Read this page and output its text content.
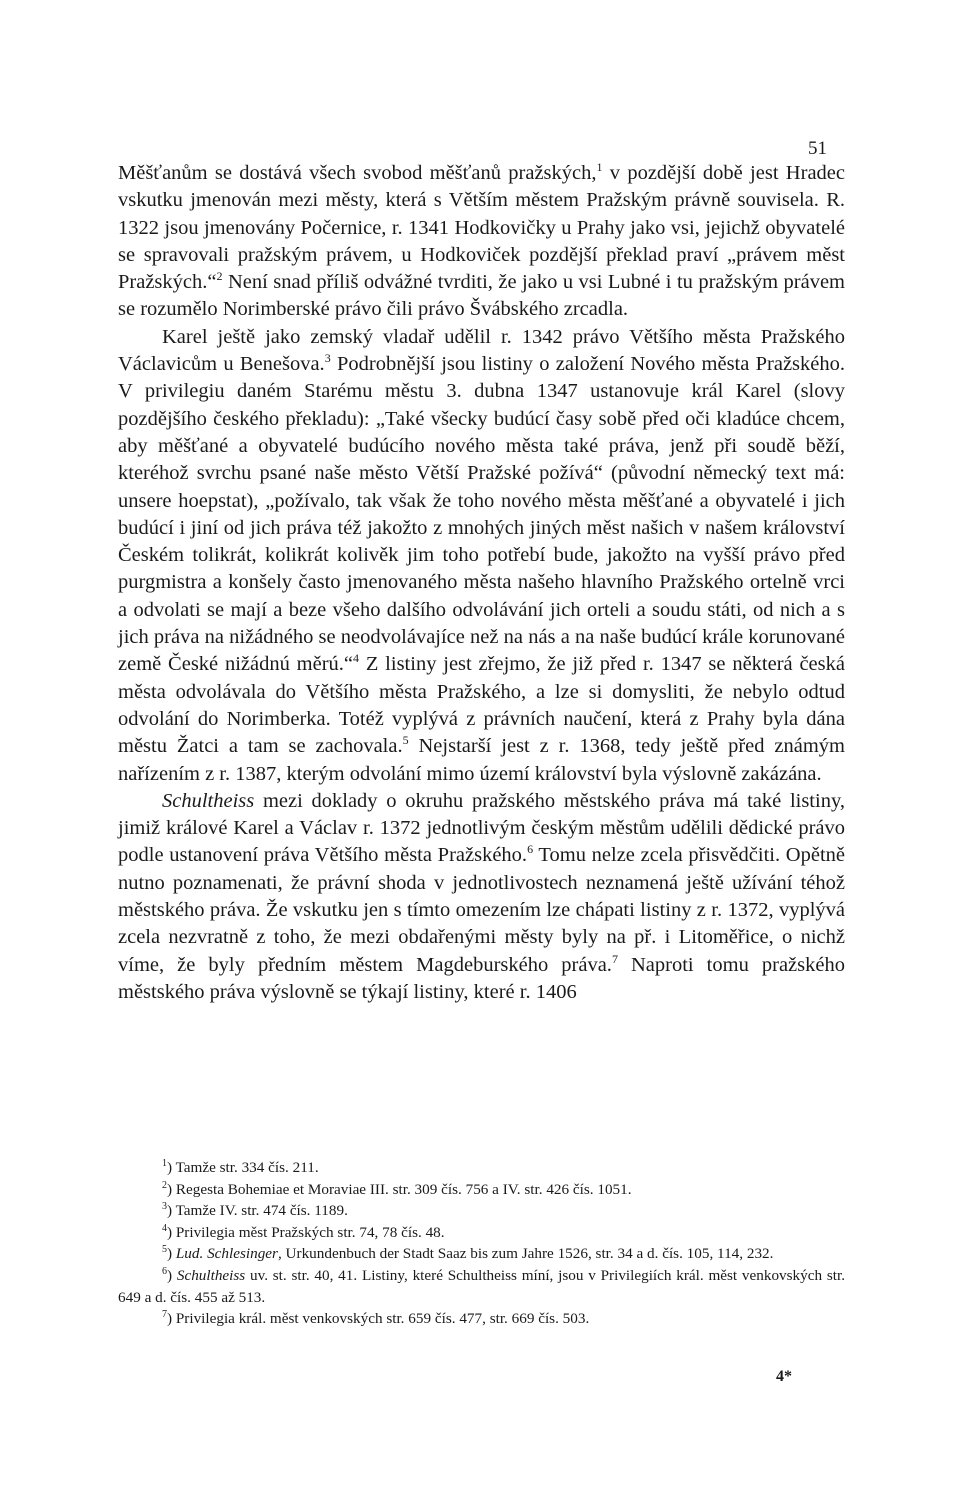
51

Měšťanům se dostává všech svobod měšťanů pražských,$^1$ v pozdější době jest Hradec vskutku jmenován mezi městy, která s Větším městem Pražským právně souvisela. R. 1322 jsou jmenovány Počernice, r. 1341 Hodkovičky u Prahy jako vsi, jejichž obyvatelé se spravovali pražským právem, u Hodkoviček pozdější překlad praví „právem měst Pražských.“$^2$ Není snad příliš odvážné tvrditi, že jako u vsi Lubné i tu pražským právem se rozumělo Norimberské právo čili právo Švábského zrcadla.

Karel ještě jako zemský vladař udělil r. 1342 právo Většího města Pražského Václavicům u Benešova.$^3$ Podrobnější jsou listiny o založení Nového města Pražského. V privilegiu daném Starému městu 3. dubna 1347 ustanovuje král Karel (slovy pozdějšího českého překladu): „Také všecky budúcí časy sobě před oči kladúce chcem, aby měšťané a obyvatelé budúcího nového města také práva, jenž při soudě běží, kteréhož svrchu psané naše město Větší Pražské požívá“ (původní německý text má: unsere hoepstat), „požívalo, tak však že toho nového města měšťané a obyvatelé i jich budúcí i jiní od jich práva též jakožto z mnohých jiných měst našich v našem království Českém tolikrát, kolikrát kolivěk jim toho potřebí bude, jakožto na vyšší právo před purgmistra a konšely často jmenovaného města našeho hlavního Pražského ortelně vrci a odvolati se mají a beze všeho dalšího odvolávání jich orteli a soudu státi, od nich a s jich práva na nižádného se neodvolávajíce než na nás a na naše budúcí krále korunované země České nižádnú měrú.“$^4$ Z listiny jest zřejmo, že již před r. 1347 se některá česká města odvolávala do Většího města Pražského, a lze si domysliti, že nebylo odtud odvolání do Norimberka. Totéž vyplývá z právních naučení, která z Prahy byla dána městu Žatci a tam se zachovala.$^5$ Nejstarší jest z r. 1368, tedy ještě před známým nařízením z r. 1387, kterým odvolání mimo území království byla výslovně zakázána.

Schultheiss mezi doklady o okruhu pražského městského práva má také listiny, jimiž králové Karel a Václav r. 1372 jednotlivým českým městům udělili dědické právo podle ustanovení práva Většího města Pražského.$^6$ Tomu nelze zcela přisvědčiti. Opětně nutno poznamenati, že právní shoda v jednotlivostech neznamená ještě užívání téhož městského práva. Že vskutku jen s tímto omezením lze chápati listiny z r. 1372, vyplývá zcela nezvratně z toho, že mezi obdařenými městy byly na př. i Litoměřice, o nichž víme, že byly předním městem Magdeburského práva.$^7$ Naproti tomu pražského městského práva výslovně se týkají listiny, které r. 1406

$^1$) Tamže str. 334 čís. 211.

$^2$) Regesta Bohemiae et Moraviae III. str. 309 čís. 756 a IV. str. 426 čís. 1051.

$^3$) Tamže IV. str. 474 čís. 1189.

$^4$) Privilegia měst Pražských str. 74, 78 čís. 48.

$^5$) Lud. Schlesinger, Urkundenbuch der Stadt Saaz bis zum Jahre 1526, str. 34 a d. čís. 105, 114, 232.

$^6$) Schultheiss uv. st. str. 40, 41. Listiny, které Schultheiss míní, jsou v Privilegiích král. měst venkovských str. 649 a d. čís. 455 až 513.

$^7$) Privilegia král. měst venkovských str. 659 čís. 477, str. 669 čís. 503.

4*
